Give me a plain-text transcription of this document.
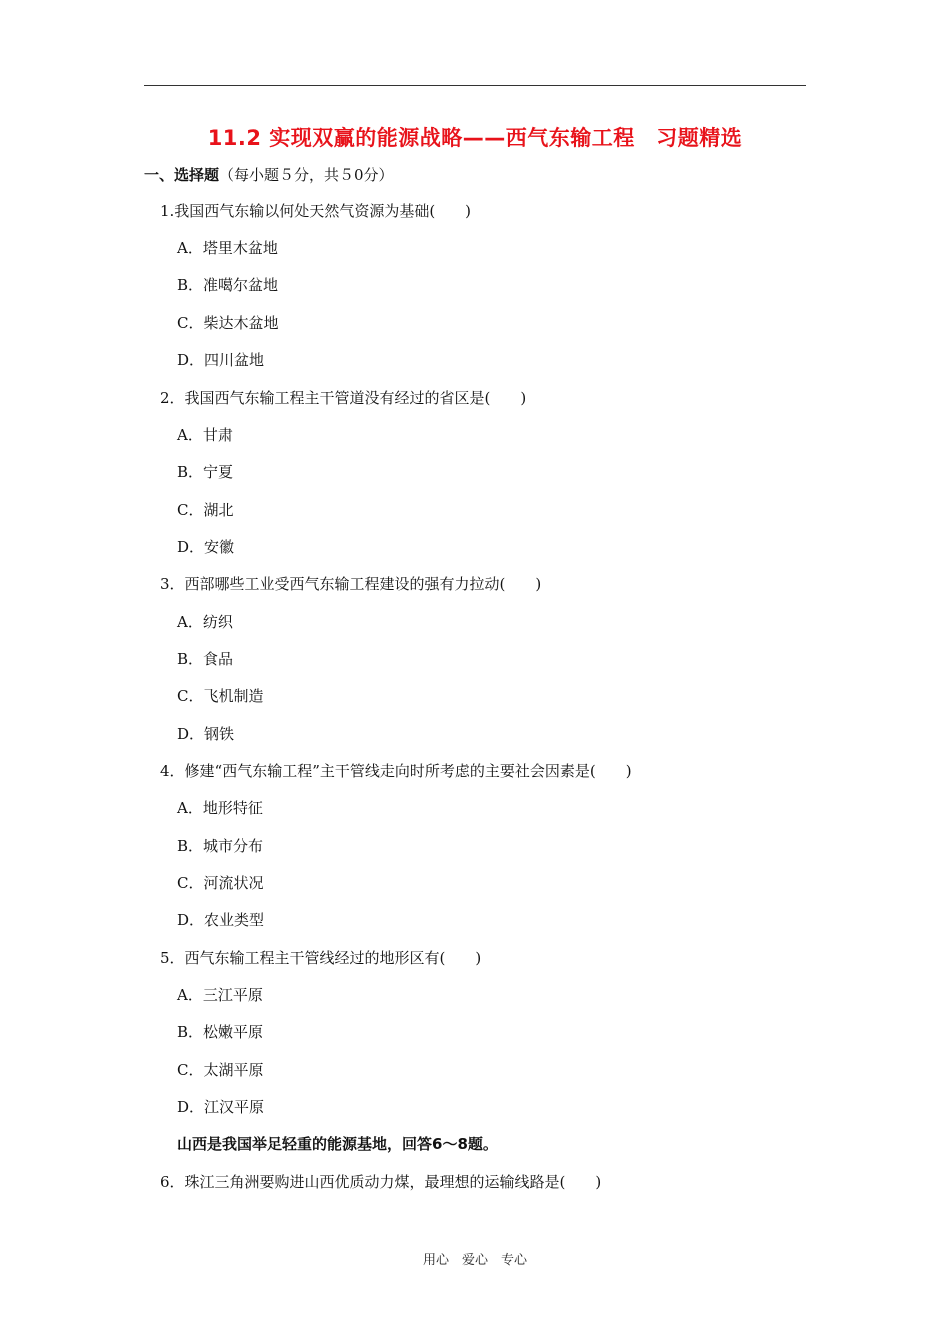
11.2 实现双赢的能源战略——西气东输工程　习题精选
一、选择题（每小题５分，共５0分）
1.我国西气东输以何处天然气资源为基础(　　)
A．塔里木盆地
B．准噶尔盆地
C．柴达木盆地
D．四川盆地
2．我国西气东输工程主干管道没有经过的省区是(　　)
A．甘肃
B．宁夏
C．湖北
D．安徽
3．西部哪些工业受西气东输工程建设的强有力拉动(　　)
A．纺织
B．食品
C．飞机制造
D．钢铁
4．修建“西气东输工程”主干管线走向时所考虑的主要社会因素是(　　)
A．地形特征
B．城市分布
C．河流状况
D．农业类型
5．西气东输工程主干管线经过的地形区有(　　)
A．三江平原
B．松嫩平原
C．太湖平原
D．江汉平原
山西是我国举足轻重的能源基地，回答6～8题。
6．珠江三角洲要购进山西优质动力煤，最理想的运输线路是(　　)
用心　爱心　专心
